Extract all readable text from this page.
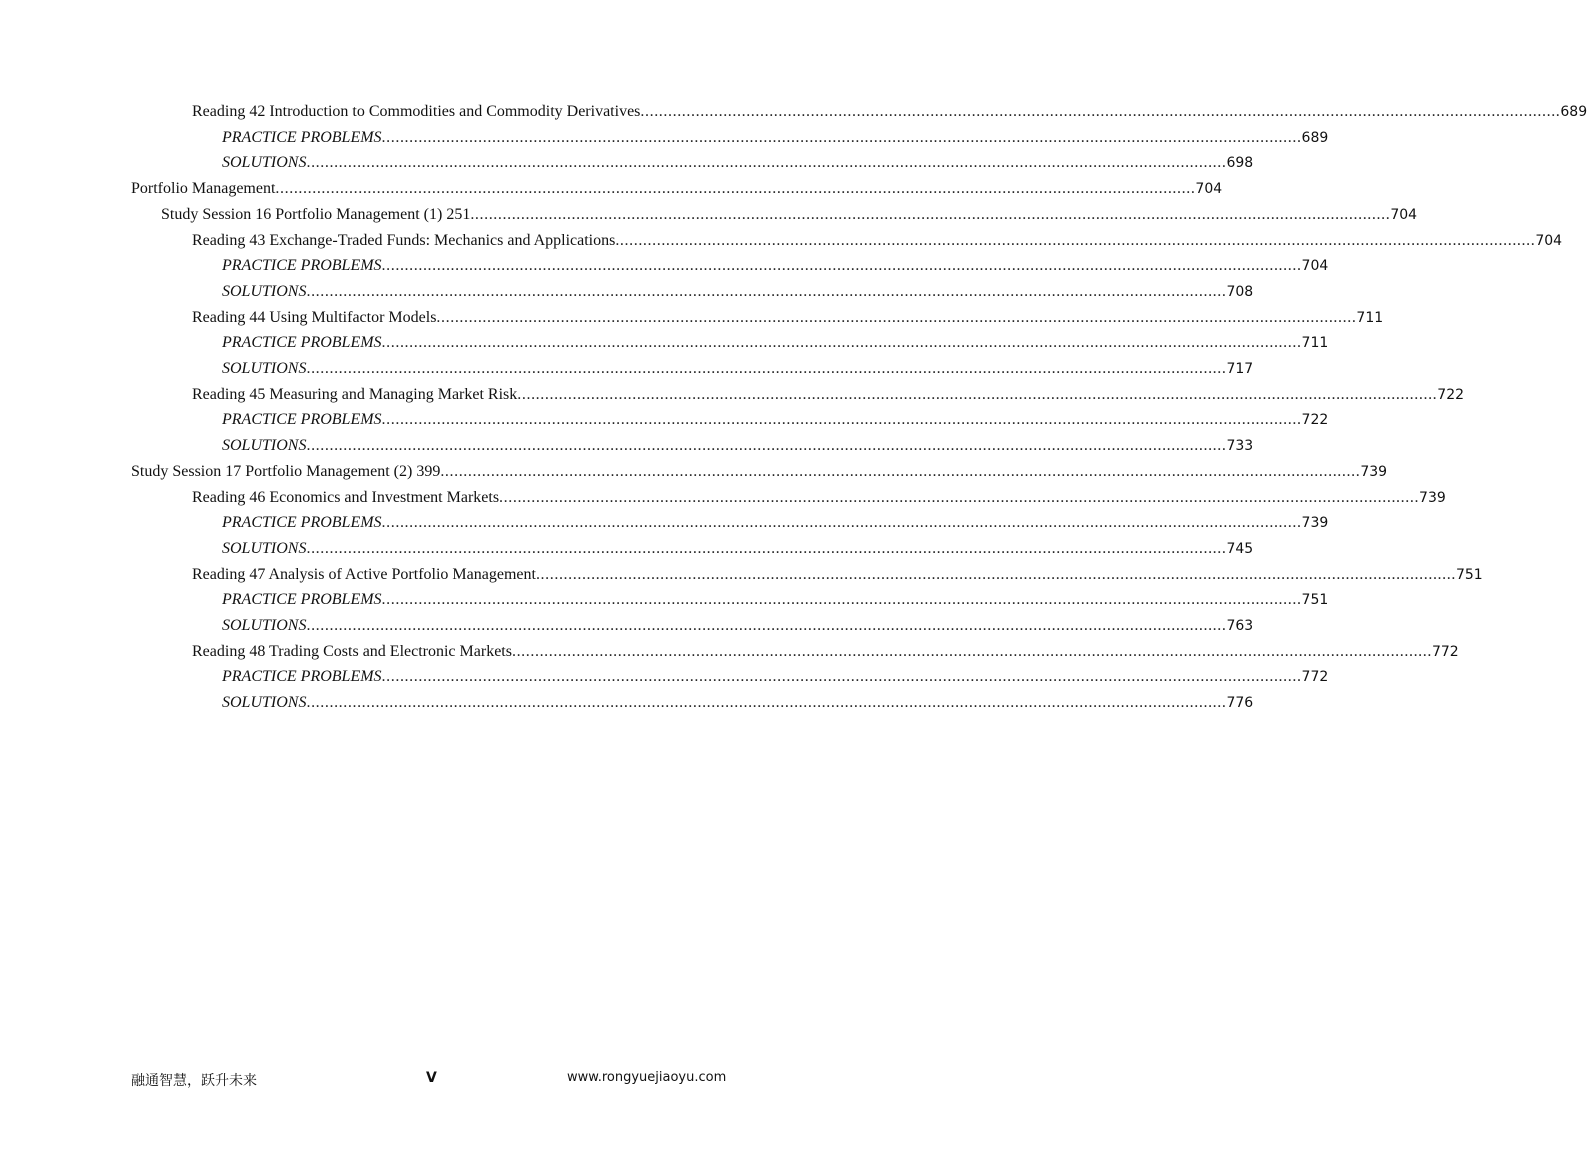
Reading 42 Introduction to Commodities and Commodity Derivatives ........................................................................................................................................................................................................ 689
PRACTICE PROBLEMS ........................................................................................................................................................................................................ 689
SOLUTIONS ........................................................................................................................................................................................................ 698
Portfolio Management ........................................................................................................................................................................................................ 704
Study Session 16 Portfolio Management (1) 251 ........................................................................................................................................................................................................ 704
Reading 43 Exchange-Traded Funds: Mechanics and Applications ........................................................................................................................................................................................................ 704
PRACTICE PROBLEMS ........................................................................................................................................................................................................ 704
SOLUTIONS ........................................................................................................................................................................................................ 708
Reading 44 Using Multifactor Models ........................................................................................................................................................................................................ 711
PRACTICE PROBLEMS ........................................................................................................................................................................................................ 711
SOLUTIONS ........................................................................................................................................................................................................ 717
Reading 45 Measuring and Managing Market Risk ........................................................................................................................................................................................................ 722
PRACTICE PROBLEMS ........................................................................................................................................................................................................ 722
SOLUTIONS ........................................................................................................................................................................................................ 733
Study Session 17 Portfolio Management (2) 399 ........................................................................................................................................................................................................ 739
Reading 46 Economics and Investment Markets ........................................................................................................................................................................................................ 739
PRACTICE PROBLEMS ........................................................................................................................................................................................................ 739
SOLUTIONS ........................................................................................................................................................................................................ 745
Reading 47 Analysis of Active Portfolio Management ........................................................................................................................................................................................................ 751
PRACTICE PROBLEMS ........................................................................................................................................................................................................ 751
SOLUTIONS ........................................................................................................................................................................................................ 763
Reading 48 Trading Costs and Electronic Markets ........................................................................................................................................................................................................ 772
PRACTICE PROBLEMS ........................................................................................................................................................................................................ 772
SOLUTIONS ........................................................................................................................................................................................................ 776
融通智慧，跃升未来	V	www.rongyuejiaoyu.com
